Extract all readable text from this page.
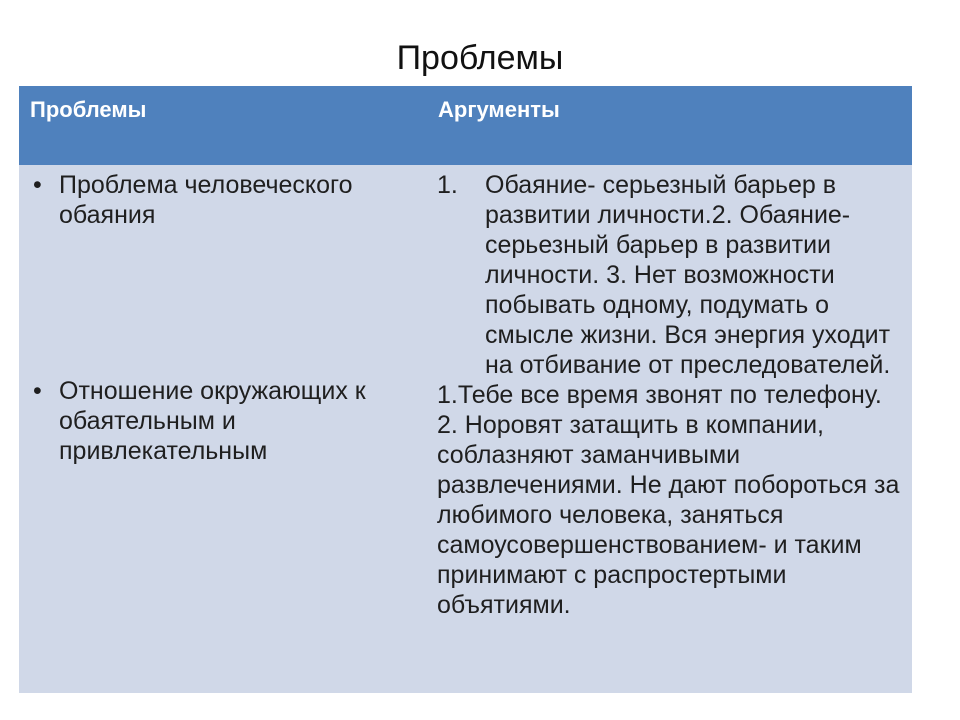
Проблемы
Проблемы	Аргументы
• Проблема человеческого обаяния
• Отношение окружающих к обаятельным и привлекательным
1. Обаяние- серьезный барьер в развитии личности.2. Обаяние- серьезный барьер в развитии личности. 3. Нет возможности побывать одному, подумать о смысле жизни. Вся энергия уходит на отбивание от преследователей.

1.Тебе все время звонят по телефону. 2. Норовят затащить в компании, соблазняют заманчивыми развлечениями. Не дают побороться за любимого человека, заняться самоусовершенствованием- и таким принимают с распростертыми объятиями.
